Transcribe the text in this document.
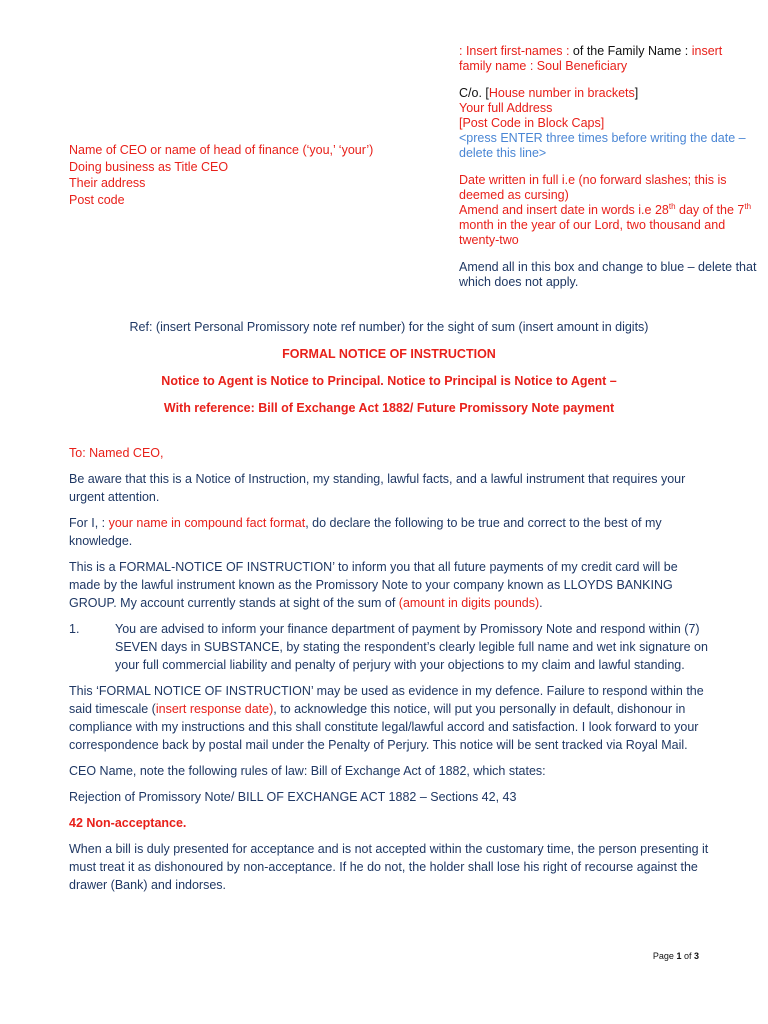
: Insert first-names : of the Family Name : insert

family name : Soul Beneficiary

C/o. [House number in brackets]

Your full Address

[Post Code in Block Caps]

<press ENTER three times before writing the date – delete this line>

Date written in full i.e (no forward slashes; this is deemed as cursing)

Amend and insert date in words i.e 28th day of the 7th month in the year of our Lord, two thousand and twenty-two

Amend all in this box and change to blue – delete that which does not apply.

Name of CEO or name of head of finance (‘you,’ ‘your’)

Doing business as Title CEO

Their address

Post code

Ref: (insert Personal Promissory note ref number) for the sight of sum (insert amount in digits)

FORMAL NOTICE OF INSTRUCTION

Notice to Agent is Notice to Principal. Notice to Principal is Notice to Agent –

With reference: Bill of Exchange Act 1882/ Future Promissory Note payment

To: Named CEO,

Be aware that this is a Notice of Instruction, my standing, lawful facts, and a lawful instrument that requires your urgent attention.

For I, : your name in compound fact format, do declare the following to be true and correct to the best of my knowledge.

This is a FORMAL-NOTICE OF INSTRUCTION’ to inform you that all future payments of my credit card will be made by the lawful instrument known as the Promissory Note to your company known as LLOYDS BANKING GROUP. My account currently stands at sight of the sum of (amount in digits pounds).

1.	You are advised to inform your finance department of payment by Promissory Note and respond within (7) SEVEN days in SUBSTANCE, by stating the respondent’s clearly legible full name and wet ink signature on your full commercial liability and penalty of perjury with your objections to my claim and lawful standing.

This ‘FORMAL NOTICE OF INSTRUCTION’ may be used as evidence in my defence. Failure to respond within the said timescale (insert response date), to acknowledge this notice, will put you personally in default, dishonour in compliance with my instructions and this shall constitute legal/lawful accord and satisfaction. I look forward to your correspondence back by postal mail under the Penalty of Perjury. This notice will be sent tracked via Royal Mail.

CEO Name, note the following rules of law: Bill of Exchange Act of 1882, which states:

Rejection of Promissory Note/ BILL OF EXCHANGE ACT 1882 – Sections 42, 43

42 Non-acceptance.

When a bill is duly presented for acceptance and is not accepted within the customary time, the person presenting it must treat it as dishonoured by non-acceptance. If he do not, the holder shall lose his right of recourse against the drawer (Bank) and indorses.

Page 1 of 3
